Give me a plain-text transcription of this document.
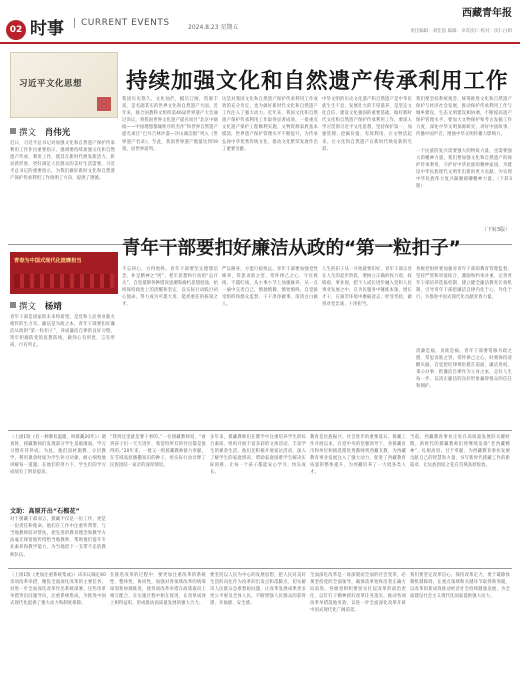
02 时事	CURRENT EVENTS	2024.8.23 星期五
西藏青年报
责任编辑：刘佳依 编辑：卓次次仁 校对：次仁白姆
习近平文化思想 持续加强文化和自然遗产传承利用工作
撰文 肖伟光
近日，习近平总书记对加强文化和自然遗产保护传承利用工作作出重要指示，强调要持续加强文化和自然遗产传承、利用工作，使其在新时代焕发新活力，彰显新形象，更好满足人民群众的美好生活需要。习近平总书记的重要指示，为我们做好新时文化和自然遗产保护传承利用工作指明了方向，提供了遵循。
我国历史悠久，文化灿烂，幅员辽阔，资源丰富，是名副其实的世界文化和自然遗产大国。近年来，联合国教科文组织第46届世界遗产大会通过决议，将我国世界文化遗产提名项目“北京中轴线——中国理想都城秩序的杰作”和世界自然遗产提名项目“巴丹吉林沙漠—沙山湖泊群”列入《世界遗产名录》。至此，我国世界遗产数量达到59项，居世界前列。
这是对我国文化和自然遗产保护传承利用工作成效的充分肯定，也为做好新时代文化和自然遗产工作注入了强大动力。近年来，我国文化和自然遗产保护传承利用工作取得显著成效，一批重点文化遗产保护工程顺利实施，文物资源家底基本摸清，世界遗产保护管理水平不断提升，为传承弘扬中华优秀传统文化、推动文化繁荣发展作出了重要贡献。
中华文明的历史文化遗产和自然遗产是中华民族生生不息、发展壮大的丰厚滋养，是坚定文化自信、建设文化强国的重要基础。做好新时代文化和自然遗产保护传承利用工作，要深入学习贯彻习近平文化思想，坚持保护第一、加强管理、挖掘价值、有效利用、让文物活起来，让文化和自然遗产在新时代焕发新的光彩。
我们要坚持系统观念，统筹推进文化和自然遗产保护与经济社会发展，推动保护传承利用工作与城乡建设、生态文明建设相协调，不断提高遗产保护管理水平。要加大文物保护和考古发掘工作力度，深化中华文明探源研究，讲好中国故事，传播中国声音，增强中华文明传播力影响力。
一个民族的复兴需要强大的物质力量，也需要强大的精神力量。我们要加强文化和自然遗产的保护传承利用，守护好中华民族的精神家园，为建设中华民族现代文明作出新的更大贡献，为实现中华民族伟大复兴凝聚磅礴精神力量。（下转3版）
（下转3版）
青春为中国式现代化挺膺担当
青年干部要扣好廉洁从政的“第一粒扣子”
撰文 杨靖
青年干部是国家的未来和希望，是党和人民事业薪火相传的生力军。廉洁是为政之本，青年干部要扣好廉洁从政的“第一粒扣子”，养成廉洁自律的良好习惯，筑牢拒腐防变的思想防线，做到心有所畏、言有所戒、行有所止。
不忘初心，方得始终。青年干部要坚定理想信念，补足精神之“钙”，把牢思想和行动的“总开关”，自觉抵制各种错误思潮和腐朽思想侵蚀，始终保持政治上的清醒和坚定，以实际行动践行初心使命，努力成为可堪大用、能担重任的栋梁之才。
严以修身，方能行稳致远。青年干部要加强党性修养，常思贪欲之害，常怀律己之心，守住底线、不越红线，从小事小节上加强修养，从一点一滴中完善自己，慎独慎微、慎始慎终，自觉接受组织和群众监督，干干净净做事、清清白白做人。
人生的扣子从一开始就要扣好。青年干部正处在人生的起步阶段，要树立正确的权力观、政绩观、事业观，把个人成长进步融入党和人民事业发展之中，在为民服务中锤炼本领、增长才干，在艰苦环境中磨砺意志、经受考验，做到对党忠诚、干净担当。
各级党组织要加强对青年干部的教育管理监督，坚持严管和厚爱结合、激励和约束并重，完善青年干部培养选拔机制，建立健全廉洁教育长效机制，引导青年干部把廉洁自律内化于心、外化于行，为推进中国式现代化贡献青春力量。
清廉是福，贪欲是祸。青年干部要常修为政之德、常思贪欲之害、常怀律己之心，时刻保持清醒头脑，自觉把纪律规矩挺在前面，廉洁用权、秉公办事，把廉洁自律作为立身之本，走好人生每一步，以清正廉洁的良好形象赢得群众的信任和拥护。
（上接1版《有一种教育温暖，叫援藏20年》）调查时，援藏教师们发现部分学生基础薄弱，学习习惯有待养成。为此，他们因材施教、分层教学，利用课余时间为学生补习功课，耐心细致地讲解每一道题。在他们的努力下，学生们的学习成绩有了明显提高。
文助：高原开出“石榴花”
对于援藏干部而言，援藏不仅是一份工作，更是一份责任和使命。他们在工作中注重传帮带，与当地教师结对帮扶，把先进的教育理念和教学方法毫无保留地传授给当地教师，帮助他们提升专业素养和教学能力，为当地留下一支带不走的教师队伍。
“我到这里就是要干事的。”一位援藏教师说，“看到孩子们一天天进步，我觉得所有的付出都是值得的。”20年来，一批又一批援藏教师接力奉献，在雪域高原播撒知识的种子，用实际行动诠释了民族团结一家亲的深厚情谊。
多年来，援藏教师们在教学中注重培养学生的综合素质，组织开展丰富多彩的文体活动，丰富学生的课余生活。他们还积极开展家访活动，深入了解学生的家庭情况，帮助家庭困难学生解决实际困难，让每一个孩子都能安心学习、快乐成长。
教育是民族振兴、社会进步的重要基石。援藏工作开展以来，在党中央的坚强领导下，各援藏省市和单位积极选派优秀教师到西藏支教，为西藏教育事业发展注入了强大动力，促进了西藏教育质量的整体提升，为西藏培养了一大批各类人才。
当前，西藏教育事业正处在高质量发展的关键时期。新时代的援藏教师们将继续发扬“老西藏精神”，扎根高原、甘于奉献，为西藏教育事业发展贡献自己的智慧和力量，书写新时代援藏工作的新篇章，让民族团结之花在雪域高原绽放。
（上接1版《更加注重系统集成》）该决议确定60余项改革举措，聚焦全面深化改革的主要任务，对进一步全面深化改革作出系统部署。这些改革举措突出问题导向，注重系统集成，为推进中国式现代化提供了强大动力和制度保障。
在推进改革的过程中，要更加注重改革的系统性、整体性、协同性，加强对各领域改革的统筹谋划和协调推进，使各项改革举措在政策取向上相互配合、在实施过程中相互促进、在改革成效上相得益彰，形成推动高质量发展的强大合力。
要坚持以人民为中心的发展思想，把人民对美好生活的向往作为改革的出发点和落脚点，切实解决人民群众急难愁盼问题，让改革发展成果更多更公平惠及全体人民，不断增强人民群众的获得感、幸福感、安全感。
全面深化改革是一场深刻而全面的社会变革，必须坚持党的全面领导，确保改革始终沿着正确方向前进。各级党组织要切实扛起改革的政治责任，以钉钉子精神抓好改革任务落实，推动各项改革举措落地见效，以进一步全面深化改革开辟中国式现代化广阔前景。
我们要坚定改革信心，保持改革定力，勇于破除体制机制障碍，在重点领域和关键环节取得新突破，以改革的新成效推动经济社会持续健康发展，为全面建设社会主义现代化国家提供强大动力。
